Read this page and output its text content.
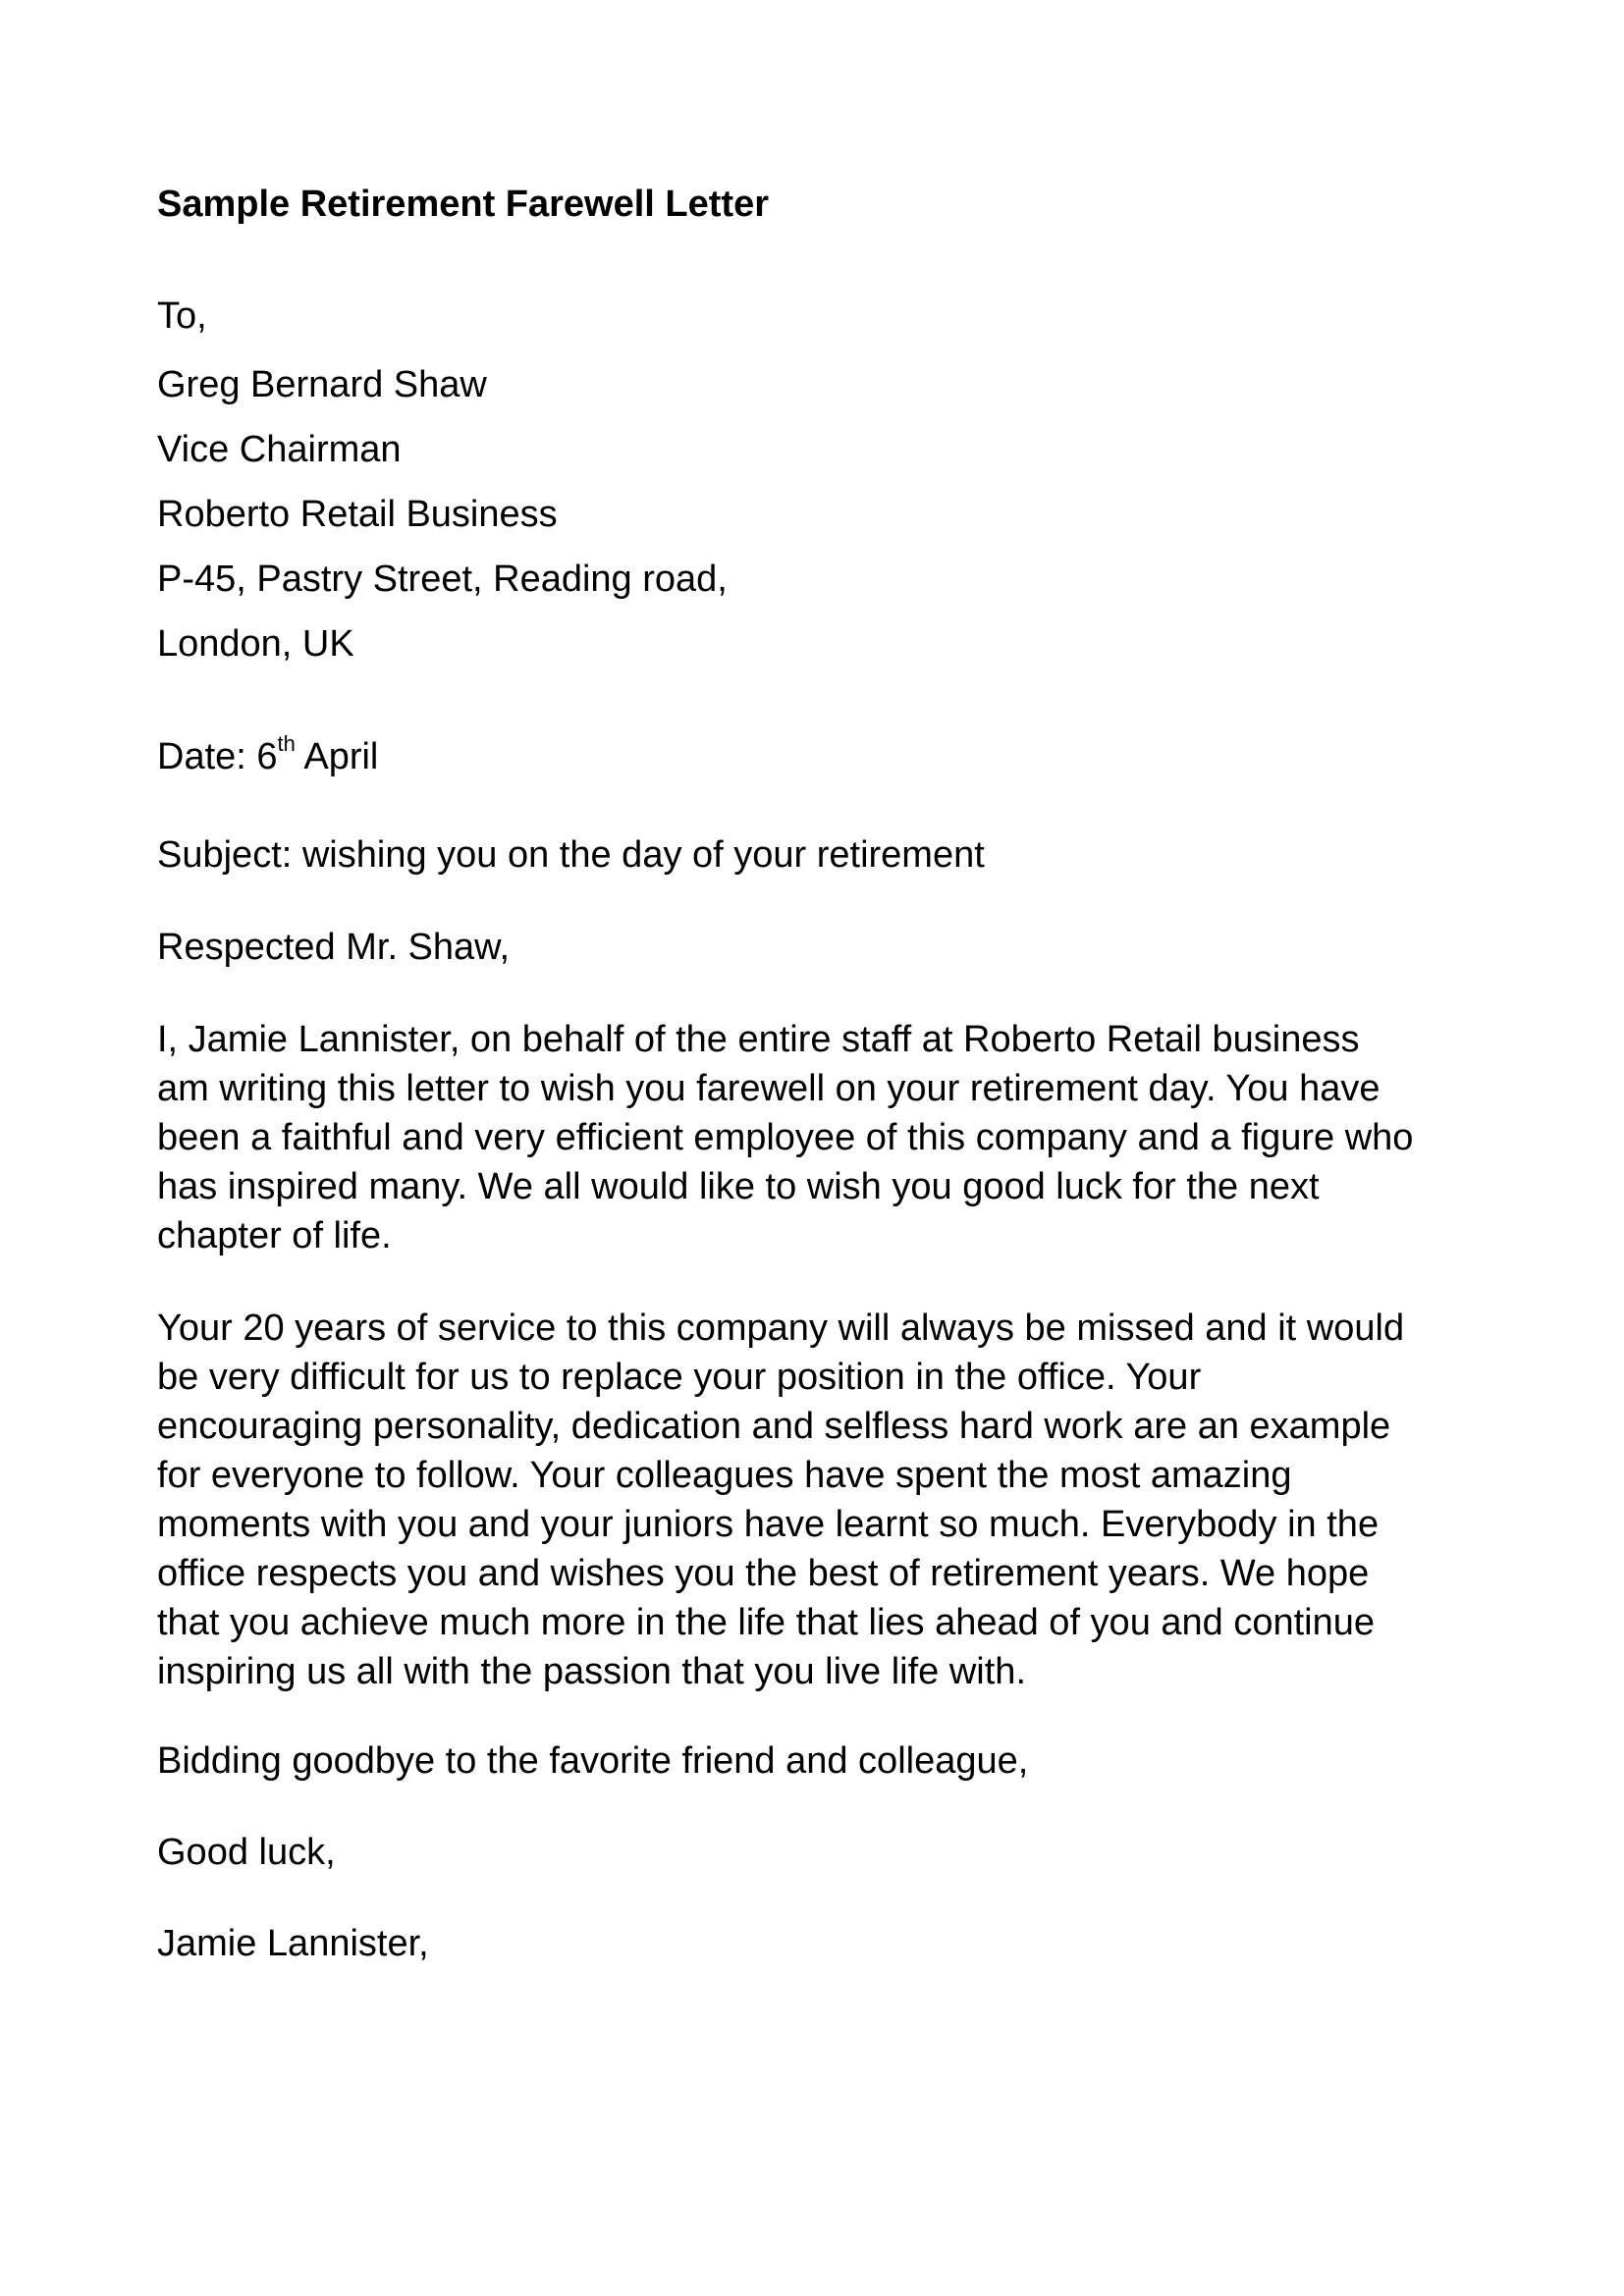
Sample Retirement Farewell Letter

To,

Greg Bernard Shaw

Vice Chairman

Roberto Retail Business

P-45, Pastry Street, Reading road,

London, UK

Date: 6th April

Subject: wishing you on the day of your retirement

Respected Mr. Shaw,

I, Jamie Lannister, on behalf of the entire staff at Roberto Retail business
am writing this letter to wish you farewell on your retirement day. You have
been a faithful and very efficient employee of this company and a figure who
has inspired many. We all would like to wish you good luck for the next
chapter of life.
Your 20 years of service to this company will always be missed and it would
be very difficult for us to replace your position in the office. Your
encouraging personality, dedication and selfless hard work are an example
for everyone to follow. Your colleagues have spent the most amazing
moments with you and your juniors have learnt so much. Everybody in the
office respects you and wishes you the best of retirement years. We hope
that you achieve much more in the life that lies ahead of you and continue
inspiring us all with the passion that you live life with.

Bidding goodbye to the favorite friend and colleague,

Good luck,

Jamie Lannister,
